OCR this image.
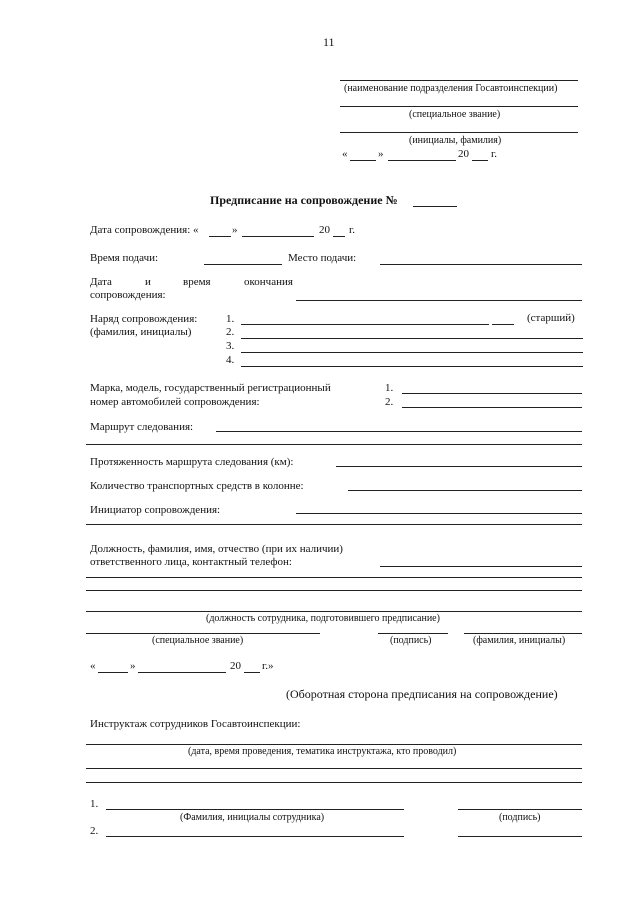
11
(наименование подразделения Госавтоинспекции)
(специальное звание)
(инициалы, фамилия)
«	»	20 г.
Предписание на сопровождение №
Дата сопровождения: «	»	20 г.
Время подачи:	Место подачи:
Дата	и	время	окончания
сопровождения:
Наряд сопровождения:
(фамилия, инициалы)
1.	(старший)
2.
3.
4.
Марка, модель, государственный регистрационный
номер автомобилей сопровождения:
1.
2.
Маршрут следования:
Протяженность маршрута следования (км):
Количество транспортных средств в колонне:
Инициатор сопровождения:
Должность, фамилия, имя, отчество (при их наличии)
ответственного лица, контактный телефон:
(должность сотрудника, подготовившего предписание)
(специальное звание)	(подпись)	(фамилия, инициалы)
«	»	20 г.»
(Оборотная сторона предписания на сопровождение)
Инструктаж сотрудников Госавтоинспекции:
(дата, время проведения, тематика инструктажа, кто проводил)
1.
(Фамилия, инициалы сотрудника)	(подпись)
2.
